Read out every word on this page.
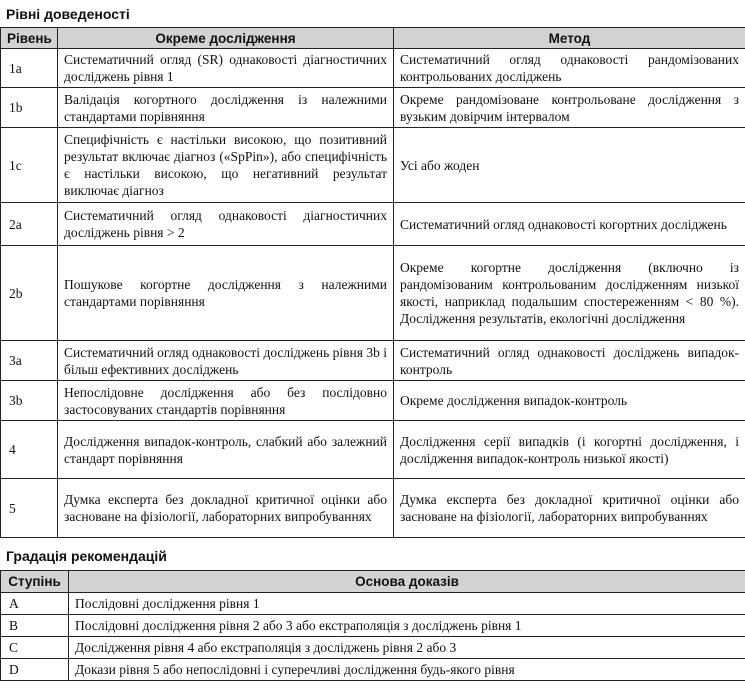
Рівні доведеності
Рівень	Окреме дослідження	Метод
1a	Систематичний огляд (SR) однаковості діагностичних досліджень рівня 1	Систематичний огляд однаковості рандомізованих контрольованих досліджень
1b	Валідація когортного дослідження із належними стандартами порівняння	Окреме рандомізоване контрольоване дослідження з вузьким довірчим інтервалом
1c	Специфічність є настільки високою, що позитивний результат включає діагноз («SpPin»), або специфічність є настільки високою, що негативний результат виключає діагноз	Усі або жоден
2a	Систематичний огляд однаковості діагностичних досліджень рівня > 2	Систематичний огляд однаковості когортних досліджень
2b	Пошукове когортне дослідження з належними стандартами порівняння	Окреме когортне дослідження (включно із рандомізованим контрольованим дослідженням низької якості, наприклад подальшим спостереженням < 80 %). Дослідження результатів, екологічні дослідження
3a	Систематичний огляд однаковості досліджень рівня 3b і більш ефективних досліджень	Систематичний огляд однаковості досліджень випадок-контроль
3b	Непослідовне дослідження або без послідовно застосовуваних стандартів порівняння	Окреме дослідження випадок-контроль
4	Дослідження випадок-контроль, слабкий або залежний стандарт порівняння	Дослідження серії випадків (і когортні дослідження, і дослідження випадок-контроль низької якості)
5	Думка експерта без докладної критичної оцінки або засноване на фізіології, лабораторних випробуваннях	Думка експерта без докладної критичної оцінки або засноване на фізіології, лабораторних випробуваннях
Градація рекомендацій
Ступінь	Основа доказів
A	Послідовні дослідження рівня 1
B	Послідовні дослідження рівня 2 або 3 або екстраполяція з досліджень рівня 1
C	Дослідження рівня 4 або екстраполяція з досліджень рівня 2 або 3
D	Докази рівня 5 або непослідовні і суперечливі дослідження будь-якого рівня
